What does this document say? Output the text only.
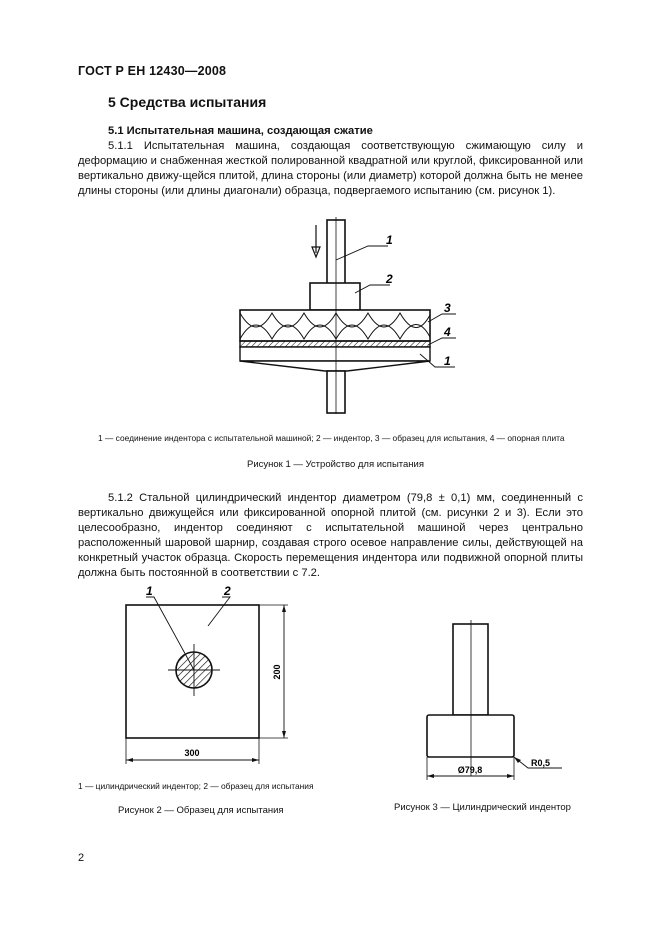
ГОСТ Р ЕН 12430—2008
5 Средства испытания
5.1 Испытательная машина, создающая сжатие
5.1.1 Испытательная машина, создающая соответствующую сжимающую силу и деформацию и снабженная жесткой полированной квадратной или круглой, фиксированной или вертикально движу-щейся плитой, длина стороны (или диаметр) которой должна быть не менее длины стороны (или длины диагонали) образца, подвергаемого испытанию (см. рисунок 1).
1
2
3
4
1
1 — соединение индентора с испытательной машиной; 2 — индентор, 3 — образец для испытания, 4 — опорная плита
Рисунок 1 — Устройство для испытания
5.1.2 Стальной цилиндрический индентор диаметром (79,8 ± 0,1) мм, соединенный с вертикально движущейся или фиксированной опорной плитой (см. рисунки 2 и 3). Если это целесообразно, индентор соединяют с испытательной машиной через центрально расположенный шаровой шарнир, создавая строго осевое направление силы, действующей на конкретный участок образца. Скорость перемещения индентора или подвижной опорной плиты должна быть постоянной в соответствии с 7.2.
1	2
300
200
1 — цилиндрический индентор; 2 — образец для испытания
Рисунок 2 — Образец для испытания
Ø79,8
R0,5
Рисунок 3 — Цилиндрический индентор
2
